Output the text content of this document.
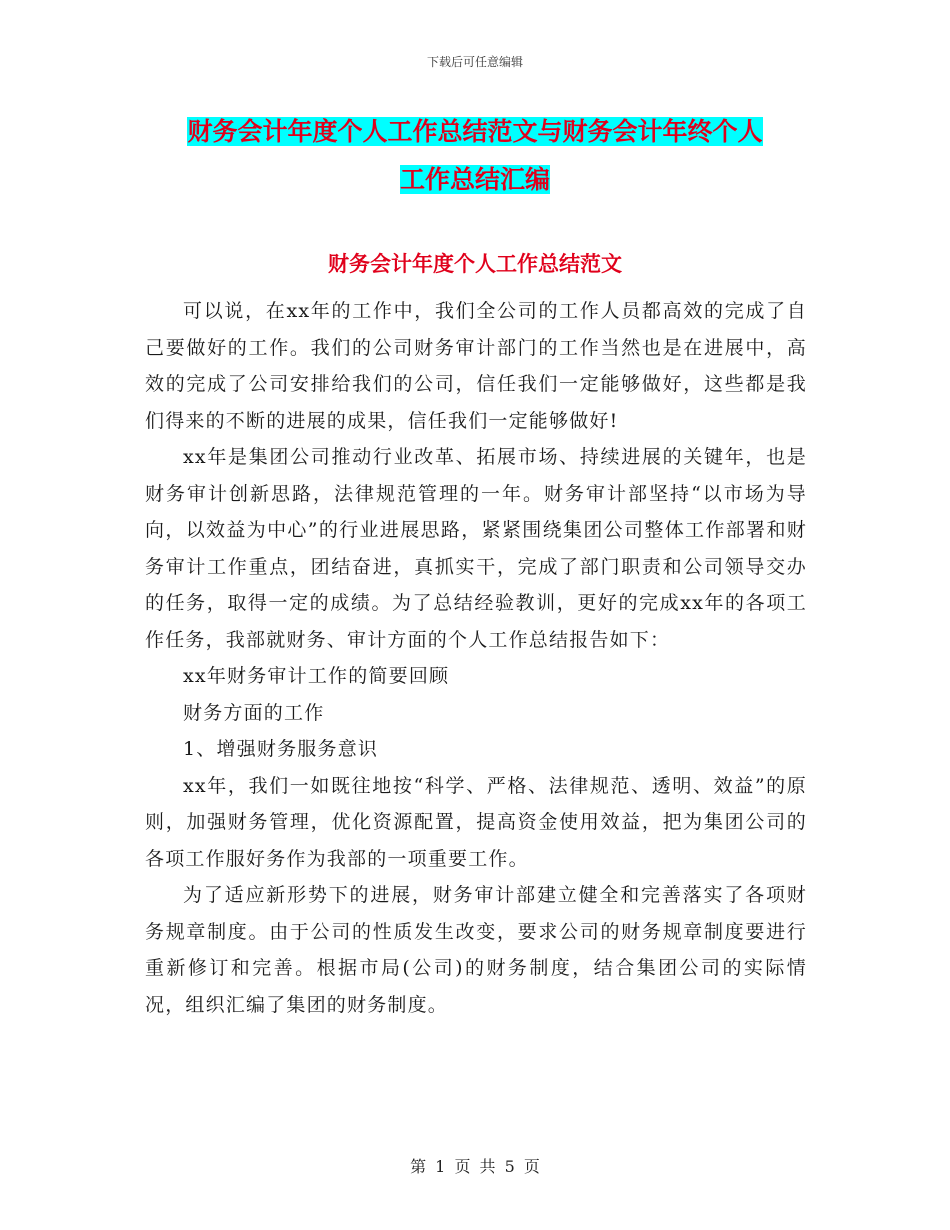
下载后可任意编辑
财务会计年度个人工作总结范文与财务会计年终个人
工作总结汇编
财务会计年度个人工作总结范文

可以说，在xx年的工作中，我们全公司的工作人员都高效的完成了自己要做好的工作。我们的公司财务审计部门的工作当然也是在进展中，高效的完成了公司安排给我们的公司，信任我们一定能够做好，这些都是我们得来的不断的进展的成果，信任我们一定能够做好!

xx年是集团公司推动行业改革、拓展市场、持续进展的关键年，也是财务审计创新思路，法律规范管理的一年。财务审计部坚持“以市场为导向，以效益为中心”的行业进展思路，紧紧围绕集团公司整体工作部署和财务审计工作重点，团结奋进，真抓实干，完成了部门职责和公司领导交办的任务，取得一定的成绩。为了总结经验教训，更好的完成xx年的各项工作任务，我部就财务、审计方面的个人工作总结报告如下：

xx年财务审计工作的简要回顾

财务方面的工作

1、增强财务服务意识

xx年，我们一如既往地按“科学、严格、法律规范、透明、效益”的原则，加强财务管理，优化资源配置，提高资金使用效益，把为集团公司的各项工作服好务作为我部的一项重要工作。

为了适应新形势下的进展，财务审计部建立健全和完善落实了各项财务规章制度。由于公司的性质发生改变，要求公司的财务规章制度要进行重新修订和完善。根据市局(公司)的财务制度，结合集团公司的实际情况，组织汇编了集团的财务制度。

第 1 页 共 5 页
